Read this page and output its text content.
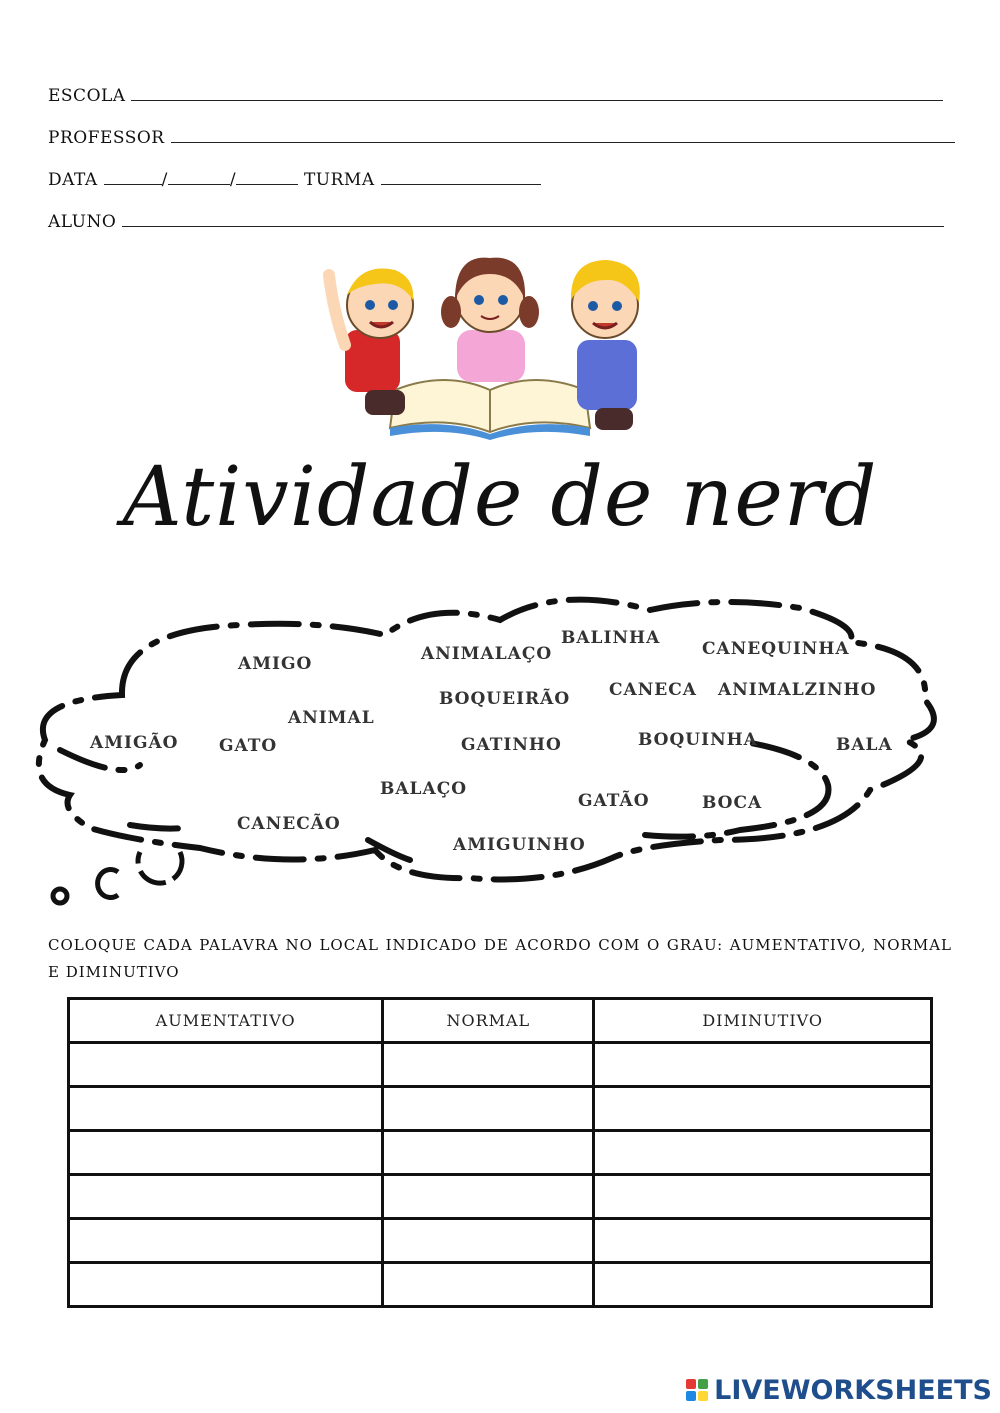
ESCOLA
PROFESSOR
DATA	/	/	TURMA
ALUNO
Atividade de nerd
AMIGO	ANIMALAÇO
BALINHA
CANEQUINHA
BOQUEIRÃO CANECA ANIMALZINHO
ANIMAL
AMIGÃO GATO	GATINHO	BOQUINHA	BALA
BALAÇO
GATÃO	BOCA
CANECÃO
AMIGUINHO
COLOQUE CADA PALAVRA NO LOCAL INDICADO DE ACORDO COM O GRAU: AUMENTATIVO, NORMAL E DIMINUTIVO
AUMENTATIVO	NORMAL	DIMINUTIVO

LIVEWORKSHEETS
